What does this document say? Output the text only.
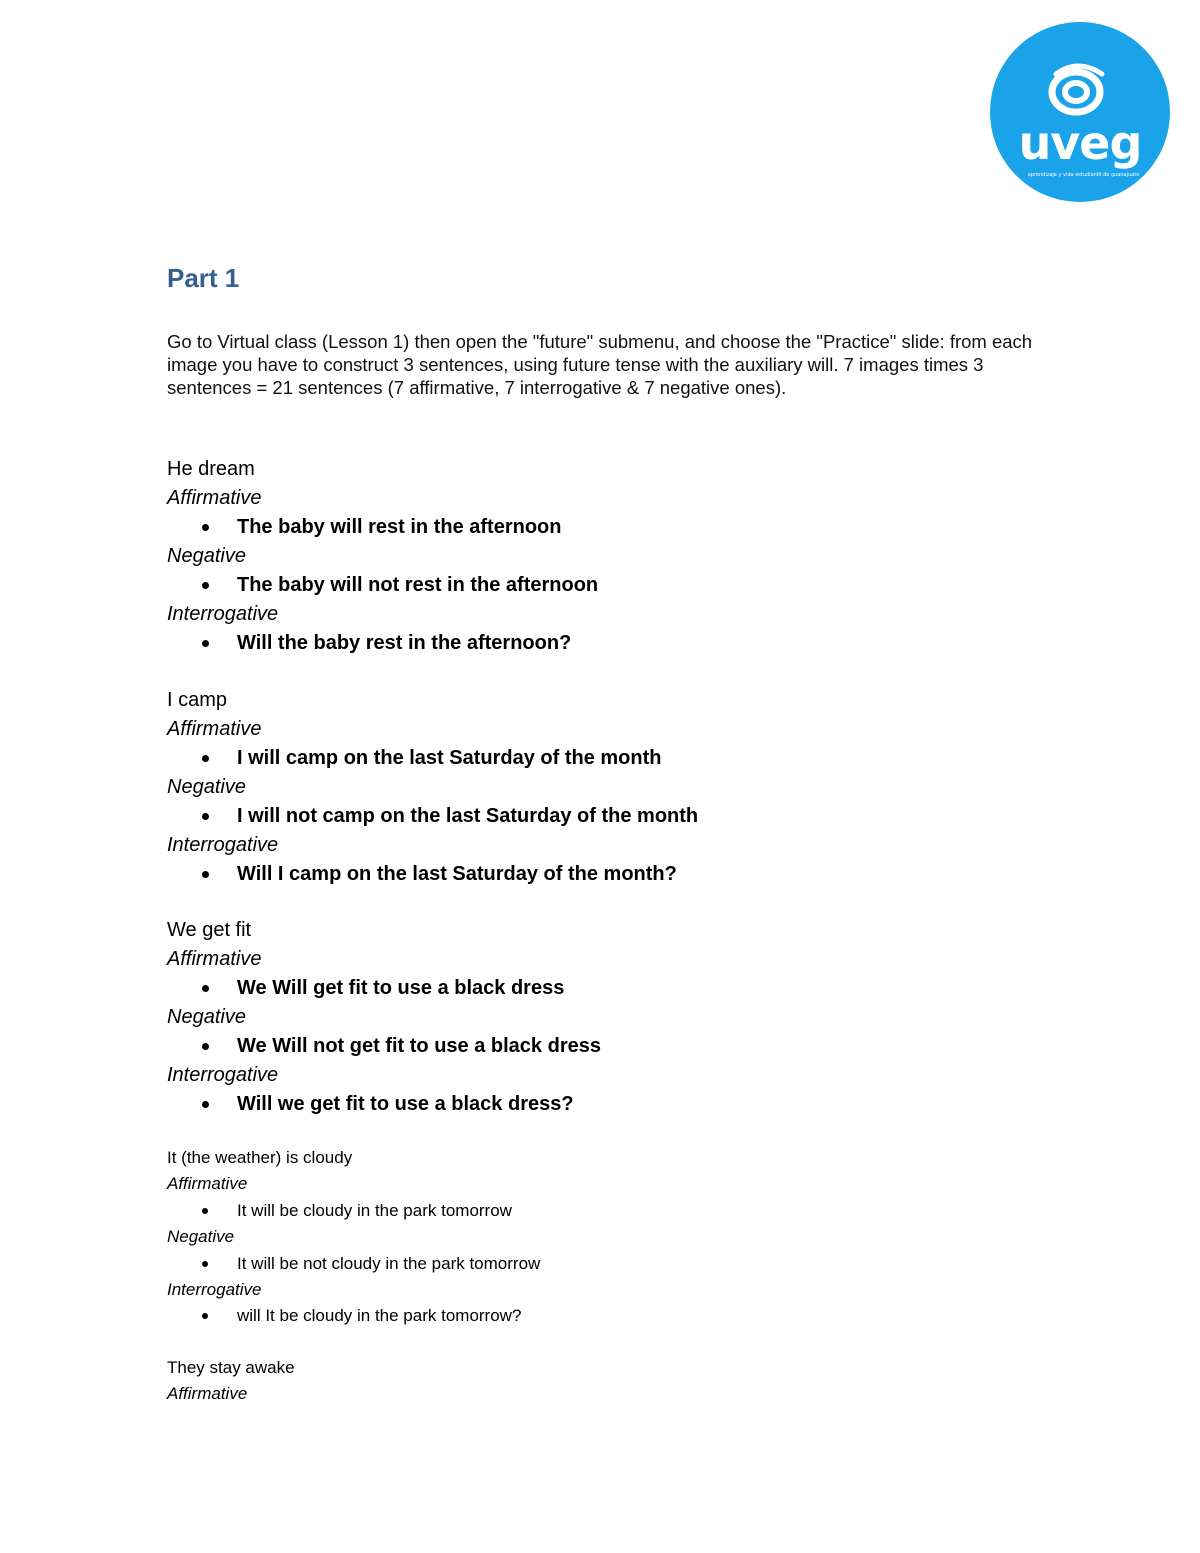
uveg
aprendizaje y vida estudiantil de guanajuato
Part 1

Go to Virtual class (Lesson 1) then open the "future" submenu, and choose the "Practice" slide: from each image you have to construct 3 sentences, using future tense with the auxiliary will. 7 images times 3 sentences = 21 sentences (7 affirmative, 7 interrogative & 7 negative ones).

He dream
Affirmative
The baby will rest in the afternoon
Negative
The baby will not rest in the afternoon
Interrogative
Will the baby rest in the afternoon?
I camp
Affirmative
I will camp on the last Saturday of the month
Negative
I will not camp on the last Saturday of the month
Interrogative
Will I camp on the last Saturday of the month?
We get fit
Affirmative
We Will get fit to use a black dress
Negative
We Will not get fit to use a black dress
Interrogative
Will we get fit to use a black dress?
It (the weather) is cloudy
Affirmative
It will be cloudy in the park tomorrow
Negative
It will be not cloudy in the park tomorrow
Interrogative
will It be cloudy in the park tomorrow?
They stay awake
Affirmative
